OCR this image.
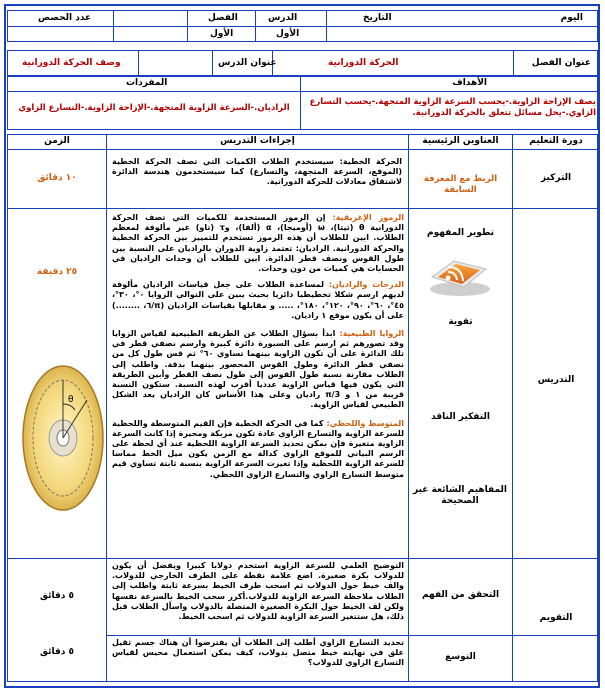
اليوم
التاريخ
الدرس
الفصل
عدد الحصص
الأول
الأول
عنوان الفصل
الحركة الدورانية
عنوان الدرس
وصف الحركة الدورانية
الأهداف
المفردات
يصف الإزاحة الزاوية.-يحسب السرعة الزاوية المتجهة.-يحسب التسارع الزاوي.-يحل مسائل تتعلق بالحركة الدورانية.
الراديان.-السرعة الزاوية المتجهة.-الإزاحة الزاوية.-التسارع الزاوي
دورة التعليم
العناوين الرئيسية
إجراءات التدريس
الزمن
التركيز
الربط مع المعرفة السابقة
الحركة الخطية: سيستخدم الطلاب الكميات التي تصف الحركة الخطية (الموقع، السرعة المتجهة، والتسارع) كما سيستخدمون هندسة الدائرة لاشتقاق معادلات للحركة الدورانية.
١٠ دقائق
التدريس
تطوير المفهوم
تقوية
التفكير الناقد
المفاهيم الشائعة غير الصحيحة
٢٥ دقيقة
θ
الرموز الإغريقية: إن الرموز المستخدمة للكميات التي تصف الحركة الدورانية θ (ثيتا)، ω (أوميجا)، α (ألفا)، وτ (تاو) غير مألوفة لمعظم الطلاب. ابين للطلاب أن هذه الرموز تستخدم للتمييز بين الحركة الخطية والحركة الدورانية. الراديان: تعتمد زاوية الدوران بالراديان على النسبة بين طول القوس ونصف قطر الدائرة. ابين للطلاب أن وحدات الراديان في الحسابات هي كميات من دون وحدات.
الدرجات والراديان: لمساعدة الطلاب على جعل قياسات الراديان مألوفة لديهم ارسم شكلا تخطيطيا دائريا بحيث يبين على التوالي الزوايا ٠°، ٣٠°، ٤٥°، ٦٠°، ٩٠°، ١٢٠°، ١٨٠°، ..... و مقابلها بقياسات الراديان (π/٦، ........) على أن يكون موقع ١ راديان.
الزوايا الطبيعية: ابدأ بسؤال الطلاب عن الطريقة الطبيعية لقياس الزوايا وقد تصورهم ثم ارسم على السبورة دائرة كبيرة وارسم نصفي قطر في تلك الدائرة على أن تكون الزاوية بينهما تساوي ٦٠° ثم قس طول كل من نصفي قطر الدائرة وطول القوس المحصور بينهما بدقة. واطلب إلى الطلاب مقارنة نسبة طول القوس إلى طول نصف القطر وأبين الطريقة التي يكون فيها قياس الزاوية عدديا أقرب لهذه النسبة. ستكون النسبة قريبة من ١ و π/3 راديان وعلى هذا الأساس كان الراديان يعد الشكل الطبيعي لقياس الزاوية.
المتوسط واللحظي: كما في الحركة الخطية فإن القيم المتوسطة واللحظية للسرعة الزاوية والتسارع الزاوي عادة تكون مربكة ومحيرة إذا كانت السرعة الزاوية متغيرة فإن بمكن تحديد السرعة الزاوية اللحظية عند أي لحظة على الرسم البياني للموقع الزاوي كدالة مع الزمن يكون ميل الخط مماسا للسرعة الزاوية اللحظية وإذا تغيرت السرعة الزاوية بنسبة ثابتة تساوي قيم متوسط التسارع الزاوي والتسارع الزاوي اللحظي.
التقويم
التحقق من الفهم
التوضيح العلمي للسرعة الزاوية استخدم دولابا كبيرا ويفضل أن يكون للدولاب بكرة صغيرة. اضع علامة نقطة على الطرف الخارجي للدولاب. والف خيط حول الدولاب ثم اسحب طرف الخيط بسرعة ثابتة واطلب إلى الطلاب ملاحظة السرعة الزاوية للدولاب.أكرر سحب الخيط بالسرعة نفسها ولكن لف الخيط حول البكرة الصغيرة المتصلة بالدولاب واسأل الطلاب قبل ذلك، هل ستتغير السرعة الزاوية للدولاب ثم اسحب الخيط.
٥ دقائق
التوسع
تحديد التسارع الزاوي أطلب إلى الطلاب أن يفترضوا أن هناك جسم ثقيل علق في نهايته خيط متصل بدولاب، كيف يمكن استعمال محيس لقياس التسارع الزاوي للدولاب؟
٥ دقائق
